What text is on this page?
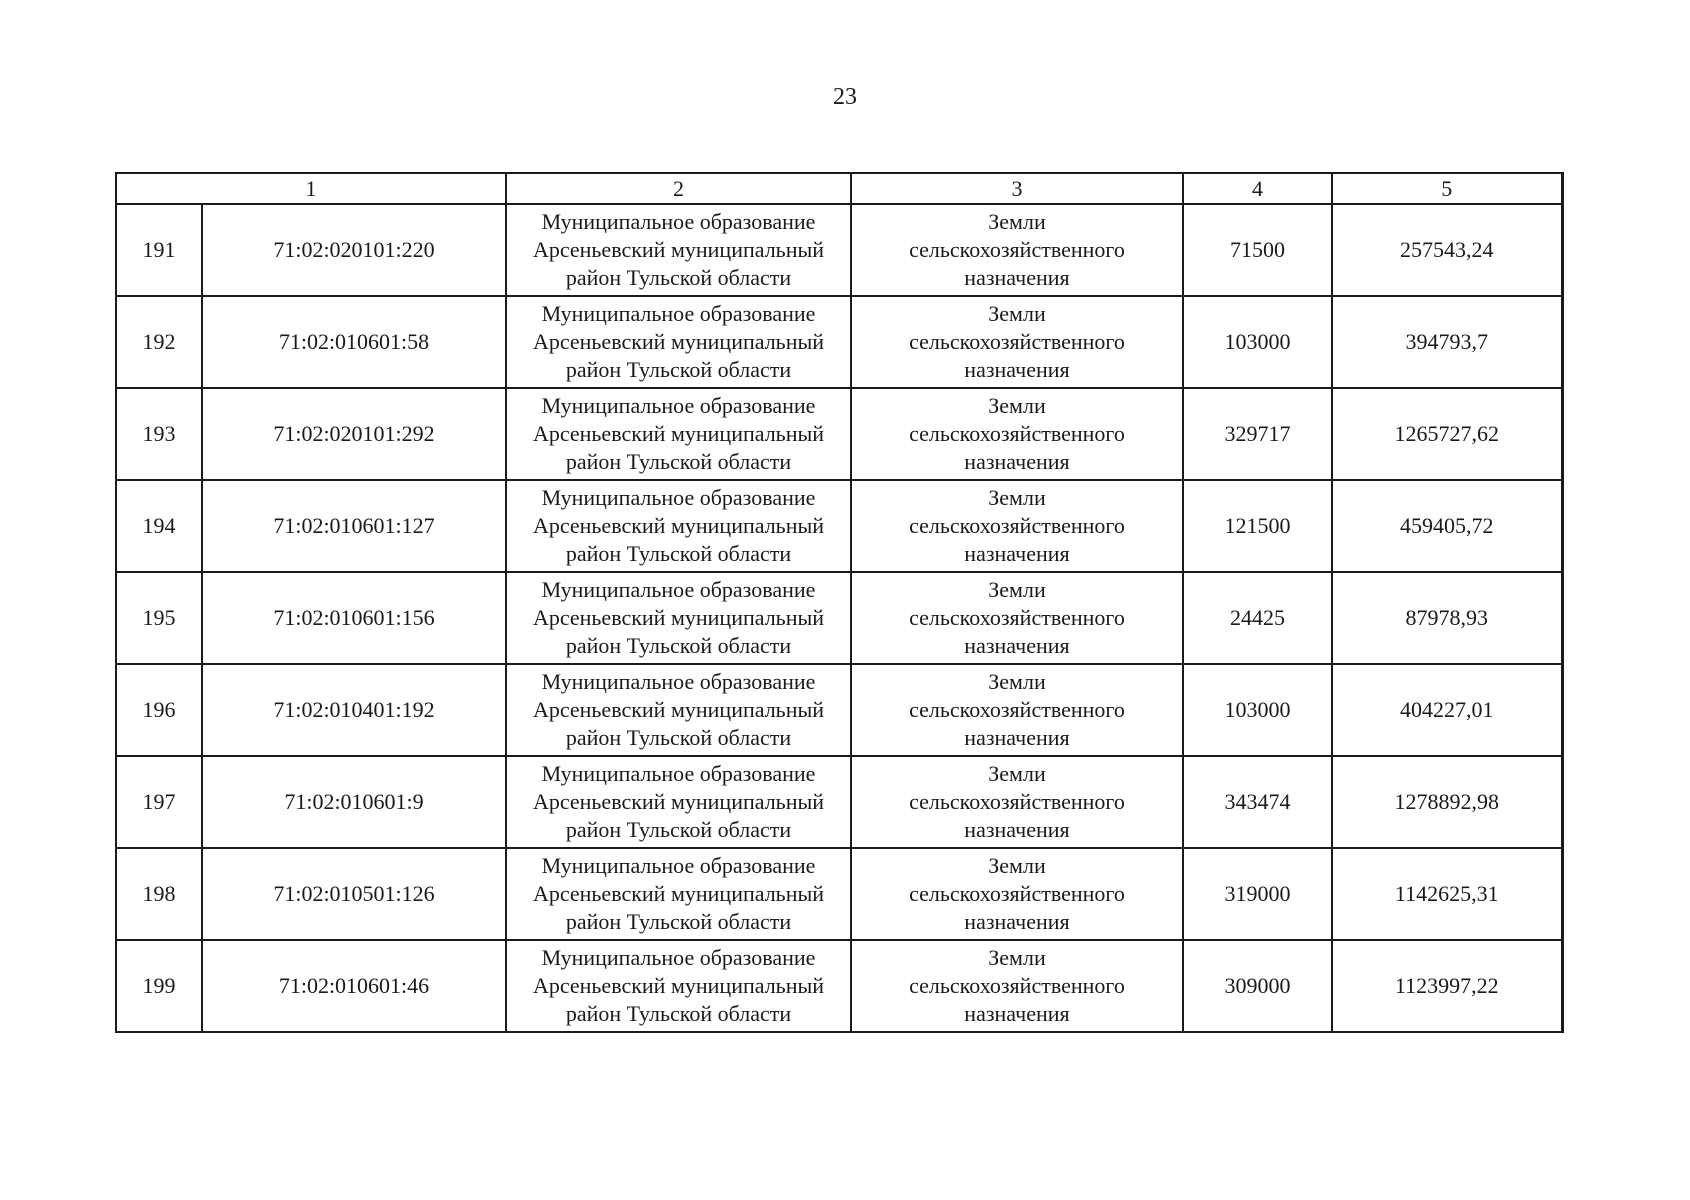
23
1		2	3	4	5
191	71:02:020101:220	Муниципальное образование
Арсеньевский муниципальный
район Тульской области	Земли
сельскохозяйственного
назначения	71500	257543,24
192	71:02:010601:58	Муниципальное образование
Арсеньевский муниципальный
район Тульской области	Земли
сельскохозяйственного
назначения	103000	394793,7
193	71:02:020101:292	Муниципальное образование
Арсеньевский муниципальный
район Тульской области	Земли
сельскохозяйственного
назначения	329717	1265727,62
194	71:02:010601:127	Муниципальное образование
Арсеньевский муниципальный
район Тульской области	Земли
сельскохозяйственного
назначения	121500	459405,72
195	71:02:010601:156	Муниципальное образование
Арсеньевский муниципальный
район Тульской области	Земли
сельскохозяйственного
назначения	24425	87978,93
196	71:02:010401:192	Муниципальное образование
Арсеньевский муниципальный
район Тульской области	Земли
сельскохозяйственного
назначения	103000	404227,01
197	71:02:010601:9	Муниципальное образование
Арсеньевский муниципальный
район Тульской области	Земли
сельскохозяйственного
назначения	343474	1278892,98
198	71:02:010501:126	Муниципальное образование
Арсеньевский муниципальный
район Тульской области	Земли
сельскохозяйственного
назначения	319000	1142625,31
199	71:02:010601:46	Муниципальное образование
Арсеньевский муниципальный
район Тульской области	Земли
сельскохозяйственного
назначения	309000	1123997,22
